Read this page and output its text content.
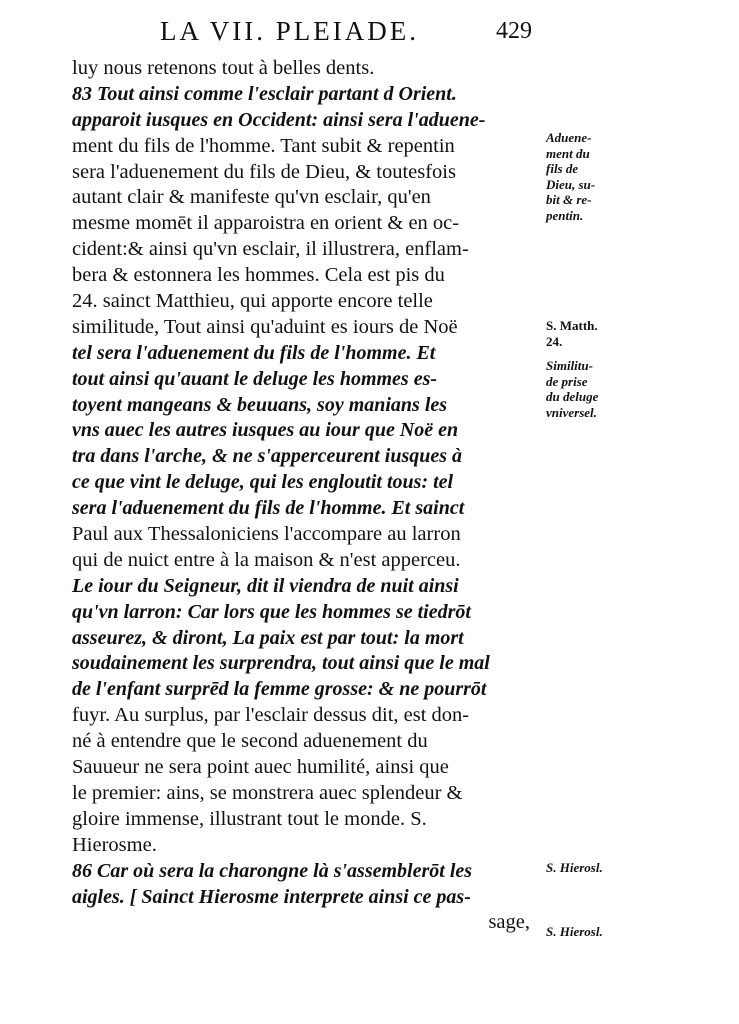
LA VII. PLEIADE.	429
luy nous retenons tout à belles dents.
83 Tout ainsi comme l'esclair partant d Orient.
apparoit iusques en Occident: ainsi sera l'aduene-
ment du fils de l'homme. Tant subit & repentin
sera l'aduenement du fils de Dieu, & toutesfois
autant clair & manifeste qu'vn esclair, qu'en
mesme momēt il apparoistra en orient & en oc-
cident:& ainsi qu'vn esclair, il illustrera, enflam-
bera & estonnera les hommes. Cela est pis du
24. sainct Matthieu, qui apporte encore telle
similitude, Tout ainsi qu'aduint es iours de Noë
tel sera l'aduenement du fils de l'homme. Et
tout ainsi qu'auant le deluge les hommes es-
toyent mangeans & beuuans, soy manians les
vns auec les autres iusques au iour que Noë en
tra dans l'arche, & ne s'apperceurent iusques à
ce que vint le deluge, qui les engloutit tous: tel
sera l'aduenement du fils de l'homme. Et sainct
Paul aux Thessaloniciens l'accompare au larron
qui de nuict entre à la maison & n'est apperceu.
Le iour du Seigneur, dit il viendra de nuit ainsi
qu'vn larron: Car lors que les hommes se tiedrōt
asseurez, & diront, La paix est par tout: la mort
soudainement les surprendra, tout ainsi que le mal
de l'enfant surprēd la femme grosse: & ne pourrōt
fuyr. Au surplus, par l'esclair dessus dit, est don-
né à entendre que le second aduenement du
Sauueur ne sera point auec humilité, ainsi que
le premier: ains, se monstrera auec splendeur &
gloire immense, illustrant tout le monde. S.
Hierosme.
86 Car où sera la charongne là s'assemblerōt les
aigles. [ Sainct Hierosme interprete ainsi ce pas-
sage,
Aduene-
ment du
fils de
Dieu, su-
bit & re-
pentin.
S. Matth.
24.
Similitu-
de prise
du deluge
vniversel.
S. Hierosl.
S. Hierosl.
